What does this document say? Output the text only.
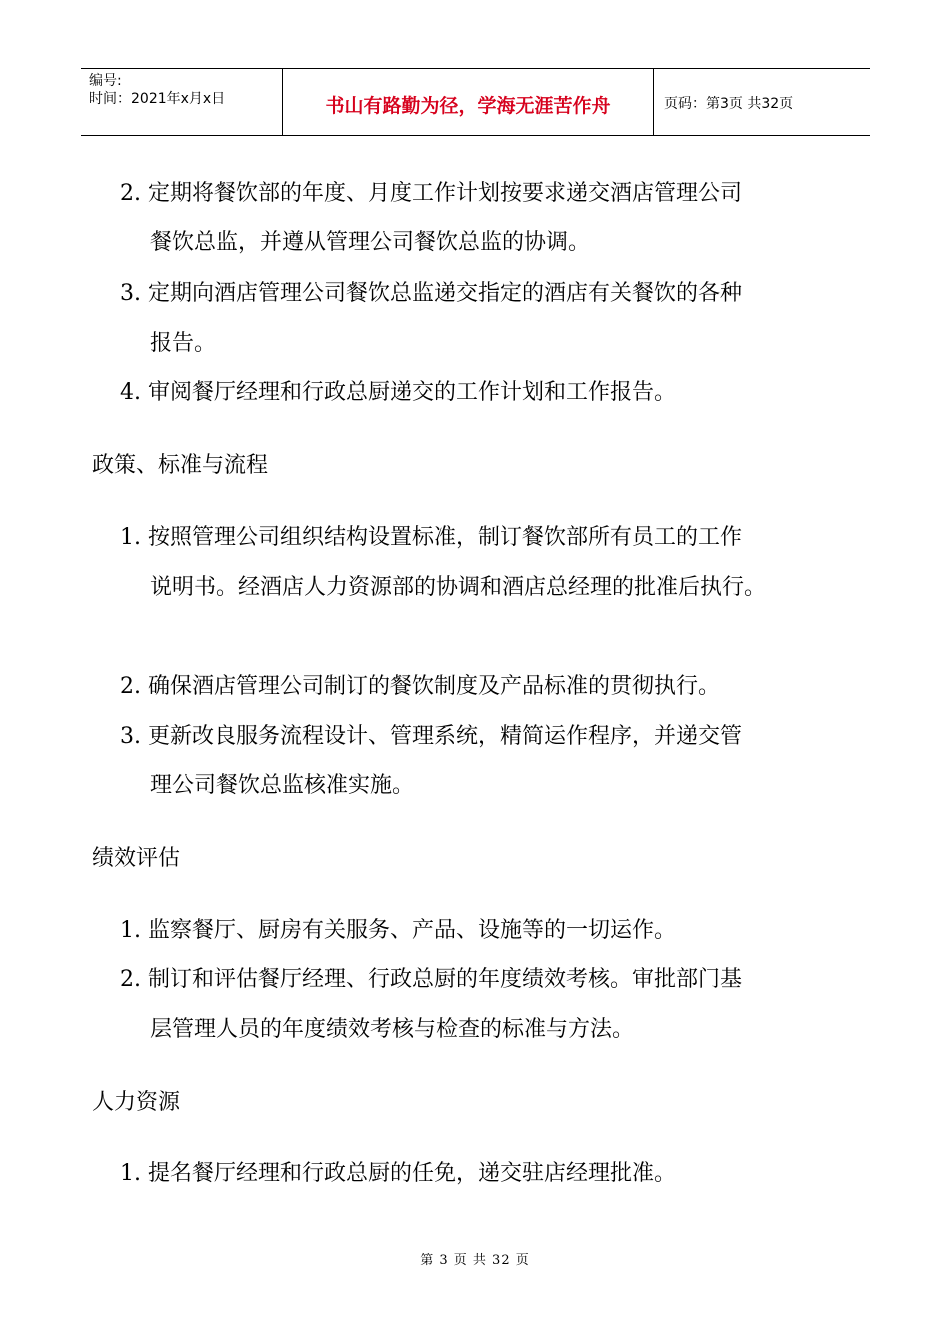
编号:
时间：2021年x月x日	书山有路勤为径，学海无涯苦作舟	页码：第3页 共32页
2. 定期将餐饮部的年度、月度工作计划按要求递交酒店管理公司
餐饮总监，并遵从管理公司餐饮总监的协调。
3. 定期向酒店管理公司餐饮总监递交指定的酒店有关餐饮的各种
报告。
4. 审阅餐厅经理和行政总厨递交的工作计划和工作报告。
政策、标准与流程
1. 按照管理公司组织结构设置标准，制订餐饮部所有员工的工作
说明书。经酒店人力资源部的协调和酒店总经理的批准后执行。
2. 确保酒店管理公司制订的餐饮制度及产品标准的贯彻执行。
3. 更新改良服务流程设计、管理系统，精简运作程序，并递交管
理公司餐饮总监核准实施。
绩效评估
1. 监察餐厅、厨房有关服务、产品、设施等的一切运作。
2. 制订和评估餐厅经理、行政总厨的年度绩效考核。审批部门基
层管理人员的年度绩效考核与检查的标准与方法。
人力资源
1. 提名餐厅经理和行政总厨的任免，递交驻店经理批准。
第 3 页 共 32 页
